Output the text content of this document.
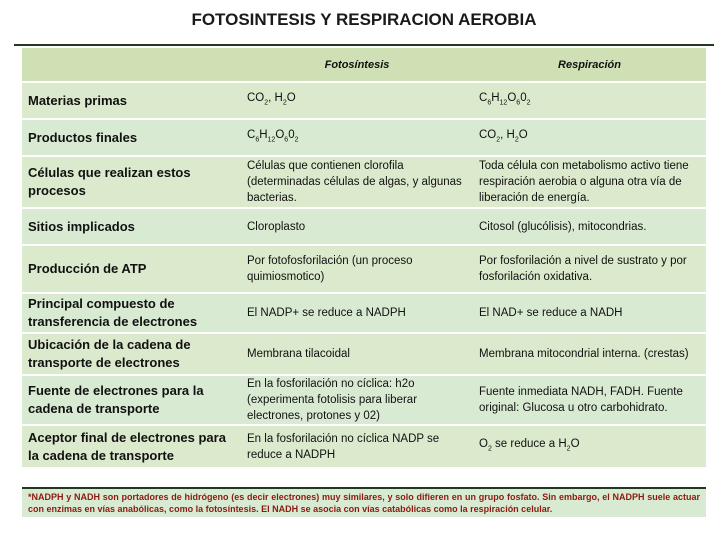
FOTOSINTESIS Y RESPIRACION AEROBIA
	Fotosíntesis	Respiración
Materias primas	$CO_2$, $H_2O$	$C_6H_{12}O_60_2$
Productos finales	$C_6H_{12}O_60_2$	$CO_2$, $H_2O$
Células que realizan estos procesos	Células que contienen clorofila (determinadas células de algas, y algunas bacterias.	Toda célula con metabolismo activo tiene respiración aerobia o alguna otra vía de liberación de energía.
Sitios implicados	Cloroplasto	Citosol (glucólisis), mitocondrias.
Producción de ATP	Por fotofosforilación (un proceso quimiosmotico)	Por fosforilación a nivel de sustrato y por fosforilación oxidativa.
Principal compuesto de transferencia de electrones	El NADP+ se reduce a NADPH	El NAD+ se reduce a NADH
Ubicación de la cadena de transporte de electrones	Membrana tilacoidal	Membrana mitocondrial interna. (crestas)
Fuente de electrones para la cadena de transporte	En la fosforilación no cíclica: h2o (experimenta fotolisis para liberar electrones, protones y 02)	Fuente inmediata NADH, FADH. Fuente original: Glucosa u otro carbohidrato.
Aceptor final de electrones para la cadena de transporte	En la fosforilación no cíclica NADP se reduce a NADPH	$O_2$ se reduce a $H_2O$
*NADPH y NADH son portadores de hidrógeno (es decir electrones) muy similares, y solo difieren en un grupo fosfato. Sin embargo, el NADPH suele actuar con enzimas en vías anabólicas, como la fotosíntesis. El NADH se asocia con vías catabólicas como la respiración celular.
